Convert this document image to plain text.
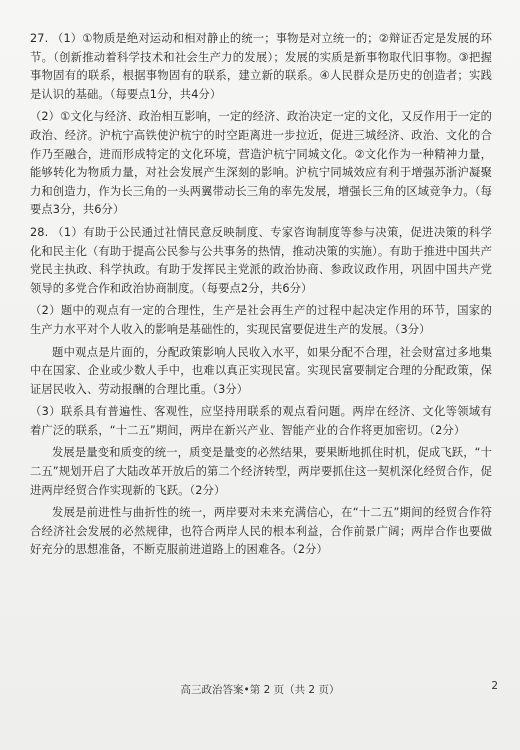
27. （1）①物质是绝对运动和相对静止的统一；事物是对立统一的；②辩证否定是发展的环节。（创新推动着科学技术和社会生产力的发展）；发展的实质是新事物取代旧事物。③把握事物固有的联系，根据事物固有的联系，建立新的联系。④人民群众是历史的创造者；实践是认识的基础。（每要点1分，共4分）

（2）①文化与经济、政治相互影响，一定的经济、政治决定一定的文化，又反作用于一定的政治、经济。沪杭宁高铁使沪杭宁的时空距离进一步拉近，促进三城经济、政治、文化的合作乃至融合，进而形成特定的文化环境，营造沪杭宁同城文化。②文化作为一种精神力量，能够转化为物质力量，对社会发展产生深刻的影响。沪杭宁同城效应有利于增强苏浙沪凝聚力和创造力，作为长三角的一头两翼带动长三角的率先发展，增强长三角的区域竞争力。（每要点3分，共6分）

28. （1）有助于公民通过社情民意反映制度、专家咨询制度等参与决策，促进决策的科学化和民主化（有助于提高公民参与公共事务的热情，推动决策的实施）。有助于推进中国共产党民主执政、科学执政。有助于发挥民主党派的政治协商、参政议政作用，巩固中国共产党领导的多党合作和政治协商制度。（每要点2分，共6分）

（2）题中的观点有一定的合理性，生产是社会再生产的过程中起决定作用的环节，国家的生产力水平对个人收入的影响是基础性的，实现民富要促进生产的发展。（3分）

题中观点是片面的，分配政策影响人民收入水平，如果分配不合理，社会财富过多地集中在国家、企业或少数人手中，也难以真正实现民富。实现民富要制定合理的分配政策，保证居民收入、劳动报酬的合理比重。（3分）

（3）联系具有普遍性、客观性，应坚持用联系的观点看问题。两岸在经济、文化等领域有着广泛的联系，“十二五”期间，两岸在新兴产业、智能产业的合作将更加密切。（2分）

发展是量变和质变的统一，质变是量变的必然结果，要果断地抓住时机，促成飞跃，“十二五”规划开启了大陆改革开放后的第二个经济转型，两岸要抓住这一契机深化经贸合作，促进两岸经贸合作实现新的飞跃。（2分）

发展是前进性与曲折性的统一，两岸要对未来充满信心，在“十二五”期间的经贸合作符合经济社会发展的必然规律，也符合两岸人民的根本利益，合作前景广阔；两岸合作也要做好充分的思想准备，不断克服前进道路上的困难各。（2分）

高三政治答案•第 2 页（共 2 页）	2
